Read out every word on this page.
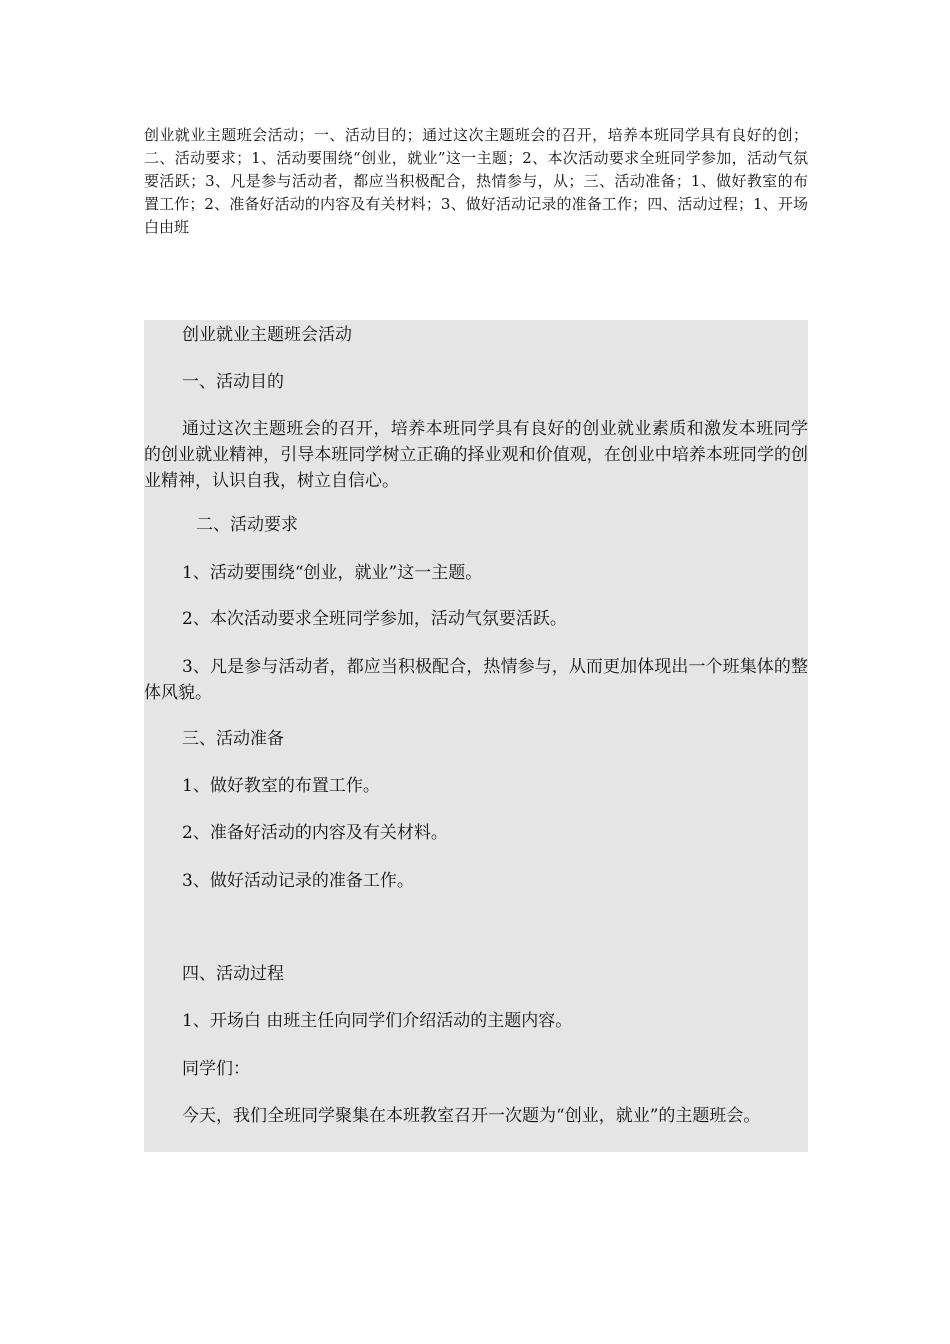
创业就业主题班会活动；一、活动目的；通过这次主题班会的召开，培养本班同学具有良好的创；二、活动要求；1、活动要围绕“创业，就业”这一主题；2、本次活动要求全班同学参加，活动气氛要活跃；3、凡是参与活动者，都应当积极配合，热情参与，从；三、活动准备；1、做好教室的布置工作；2、准备好活动的内容及有关材料；3、做好活动记录的准备工作；四、活动过程；1、开场白由班

创业就业主题班会活动

一、活动目的

通过这次主题班会的召开，培养本班同学具有良好的创业就业素质和激发本班同学的创业就业精神，引导本班同学树立正确的择业观和价值观，在创业中培养本班同学的创业精神，认识自我，树立自信心。

二、活动要求

1、活动要围绕“创业，就业”这一主题。

2、本次活动要求全班同学参加，活动气氛要活跃。

3、凡是参与活动者，都应当积极配合，热情参与，从而更加体现出一个班集体的整体风貌。

三、活动准备

1、做好教室的布置工作。

2、准备好活动的内容及有关材料。

3、做好活动记录的准备工作。

四、活动过程

1、开场白 由班主任向同学们介绍活动的主题内容。

同学们：

今天，我们全班同学聚集在本班教室召开一次题为“创业，就业”的主题班会。
